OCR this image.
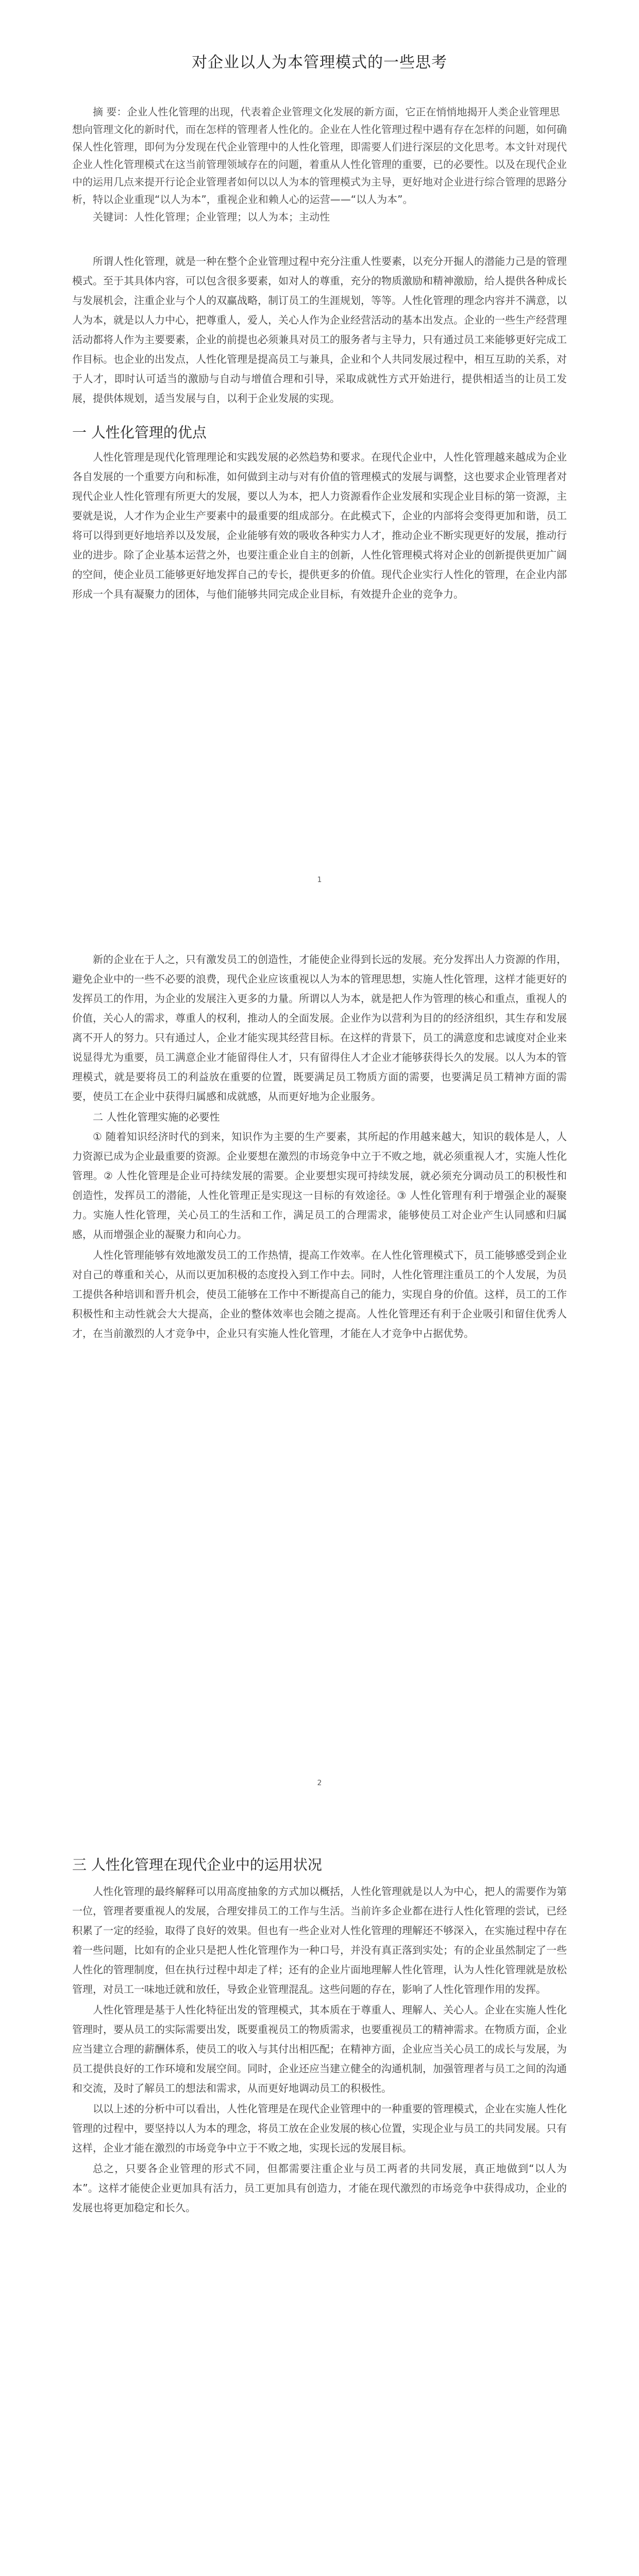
对企业以人为本管理模式的一些思考

摘 要：企业人性化管理的出现，代表着企业管理文化发展的新方面，它正在悄悄地揭开人类企业管理思想向管理文化的新时代，而在怎样的管理者人性化的。企业在人性化管理过程中遇有存在怎样的问题，如何确保人性化管理，即何为分发现在代企业管理中的人性化管理，即需要人们进行深层的文化思考。本文针对现代企业人性化管理模式在这当前管理领域存在的问题，着重从人性化管理的重要，已的必要性。以及在现代企业中的运用几点来提开行论企业管理者如何以以人为本的管理模式为主导，更好地对企业进行综合管理的思路分析，特以企业重现“以人为本”，重视企业和赖人心的运营——“以人为本”。

关键词：人性化管理；企业管理；以人为本；主动性

所谓人性化管理，就是一种在整个企业管理过程中充分注重人性要素，以充分开掘人的潜能力己是的管理模式。至于其具体内容，可以包含很多要素，如对人的尊重，充分的物质激励和精神激励，给人提供各种成长与发展机会，注重企业与个人的双赢战略，制订员工的生涯规划，等等。人性化管理的理念内容并不满意，以人为本，就是以人力中心，把尊重人，爱人，关心人作为企业经营活动的基本出发点。企业的一些生产经营理活动都将人作为主要要素，企业的前提也必须兼具对员工的服务者与主导力，只有通过员工来能够更好完成工作目标。也企业的出发点，人性化管理是提高员工与兼具，企业和个人共同发展过程中，相互互助的关系，对于人才，即时认可适当的激励与自动与增值合理和引导，采取成就性方式开始进行，提供相适当的让员工发展，提供体规划，适当发展与自，以利于企业发展的实现。

一 人性化管理的优点

人性化管理是现代化管理理论和实践发展的必然趋势和要求。在现代企业中，人性化管理越来越成为企业各自发展的一个重要方向和标准，如何做到主动与对有价值的管理模式的发展与调整，这也要求企业管理者对现代企业人性化管理有所更大的发展，要以人为本，把人力资源看作企业发展和实现企业目标的第一资源，主要就是说，人才作为企业生产要素中的最重要的组成部分。在此模式下，企业的内部将会变得更加和谐，员工将可以得到更好地培养以及发展，企业能够有效的吸收各种实力人才，推动企业不断实现更好的发展，推动行业的进步。除了企业基本运营之外，也要注重企业自主的创新，人性化管理模式将对企业的创新提供更加广阔的空间，使企业员工能够更好地发挥自己的专长，提供更多的价值。现代企业实行人性化的管理，在企业内部形成一个具有凝聚力的团体，与他们能够共同完成企业目标，有效提升企业的竞争力。

1

新的企业在于人之，只有激发员工的创造性，才能使企业得到长远的发展。充分发挥出人力资源的作用，避免企业中的一些不必要的浪费，现代企业应该重视以人为本的管理思想，实施人性化管理，这样才能更好的发挥员工的作用，为企业的发展注入更多的力量。所谓以人为本，就是把人作为管理的核心和重点，重视人的价值，关心人的需求，尊重人的权利，推动人的全面发展。企业作为以营利为目的的经济组织，其生存和发展离不开人的努力。只有通过人，企业才能实现其经营目标。在这样的背景下，员工的满意度和忠诚度对企业来说显得尤为重要，员工满意企业才能留得住人才，只有留得住人才企业才能够获得长久的发展。以人为本的管理模式，就是要将员工的利益放在重要的位置，既要满足员工物质方面的需要，也要满足员工精神方面的需要，使员工在企业中获得归属感和成就感，从而更好地为企业服务。

二 人性化管理实施的必要性

① 随着知识经济时代的到来，知识作为主要的生产要素，其所起的作用越来越大，知识的载体是人，人力资源已成为企业最重要的资源。企业要想在激烈的市场竞争中立于不败之地，就必须重视人才，实施人性化管理。② 人性化管理是企业可持续发展的需要。企业要想实现可持续发展，就必须充分调动员工的积极性和创造性，发挥员工的潜能，人性化管理正是实现这一目标的有效途径。③ 人性化管理有利于增强企业的凝聚力。实施人性化管理，关心员工的生活和工作，满足员工的合理需求，能够使员工对企业产生认同感和归属感，从而增强企业的凝聚力和向心力。

人性化管理能够有效地激发员工的工作热情，提高工作效率。在人性化管理模式下，员工能够感受到企业对自己的尊重和关心，从而以更加积极的态度投入到工作中去。同时，人性化管理注重员工的个人发展，为员工提供各种培训和晋升机会，使员工能够在工作中不断提高自己的能力，实现自身的价值。这样，员工的工作积极性和主动性就会大大提高，企业的整体效率也会随之提高。人性化管理还有利于企业吸引和留住优秀人才，在当前激烈的人才竞争中，企业只有实施人性化管理，才能在人才竞争中占据优势。

2

三 人性化管理在现代企业中的运用状况

人性化管理的最终解释可以用高度抽象的方式加以概括，人性化管理就是以人为中心，把人的需要作为第一位，管理者要重视人的发展，合理安排员工的工作与生活。当前许多企业都在进行人性化管理的尝试，已经积累了一定的经验，取得了良好的效果。但也有一些企业对人性化管理的理解还不够深入，在实施过程中存在着一些问题，比如有的企业只是把人性化管理作为一种口号，并没有真正落到实处；有的企业虽然制定了一些人性化的管理制度，但在执行过程中却走了样；还有的企业片面地理解人性化管理，认为人性化管理就是放松管理，对员工一味地迁就和放任，导致企业管理混乱。这些问题的存在，影响了人性化管理作用的发挥。

人性化管理是基于人性化特征出发的管理模式，其本质在于尊重人、理解人、关心人。企业在实施人性化管理时，要从员工的实际需要出发，既要重视员工的物质需求，也要重视员工的精神需求。在物质方面，企业应当建立合理的薪酬体系，使员工的收入与其付出相匹配；在精神方面，企业应当关心员工的成长与发展，为员工提供良好的工作环境和发展空间。同时，企业还应当建立健全的沟通机制，加强管理者与员工之间的沟通和交流，及时了解员工的想法和需求，从而更好地调动员工的积极性。

以以上述的分析中可以看出，人性化管理是在现代企业管理中的一种重要的管理模式，企业在实施人性化管理的过程中，要坚持以人为本的理念，将员工放在企业发展的核心位置，实现企业与员工的共同发展。只有这样，企业才能在激烈的市场竞争中立于不败之地，实现长远的发展目标。

总之，只要各企业管理的形式不同，但都需要注重企业与员工两者的共同发展，真正地做到“以人为本”。这样才能使企业更加具有活力，员工更加具有创造力，才能在现代激烈的市场竞争中获得成功，企业的发展也将更加稳定和长久。
